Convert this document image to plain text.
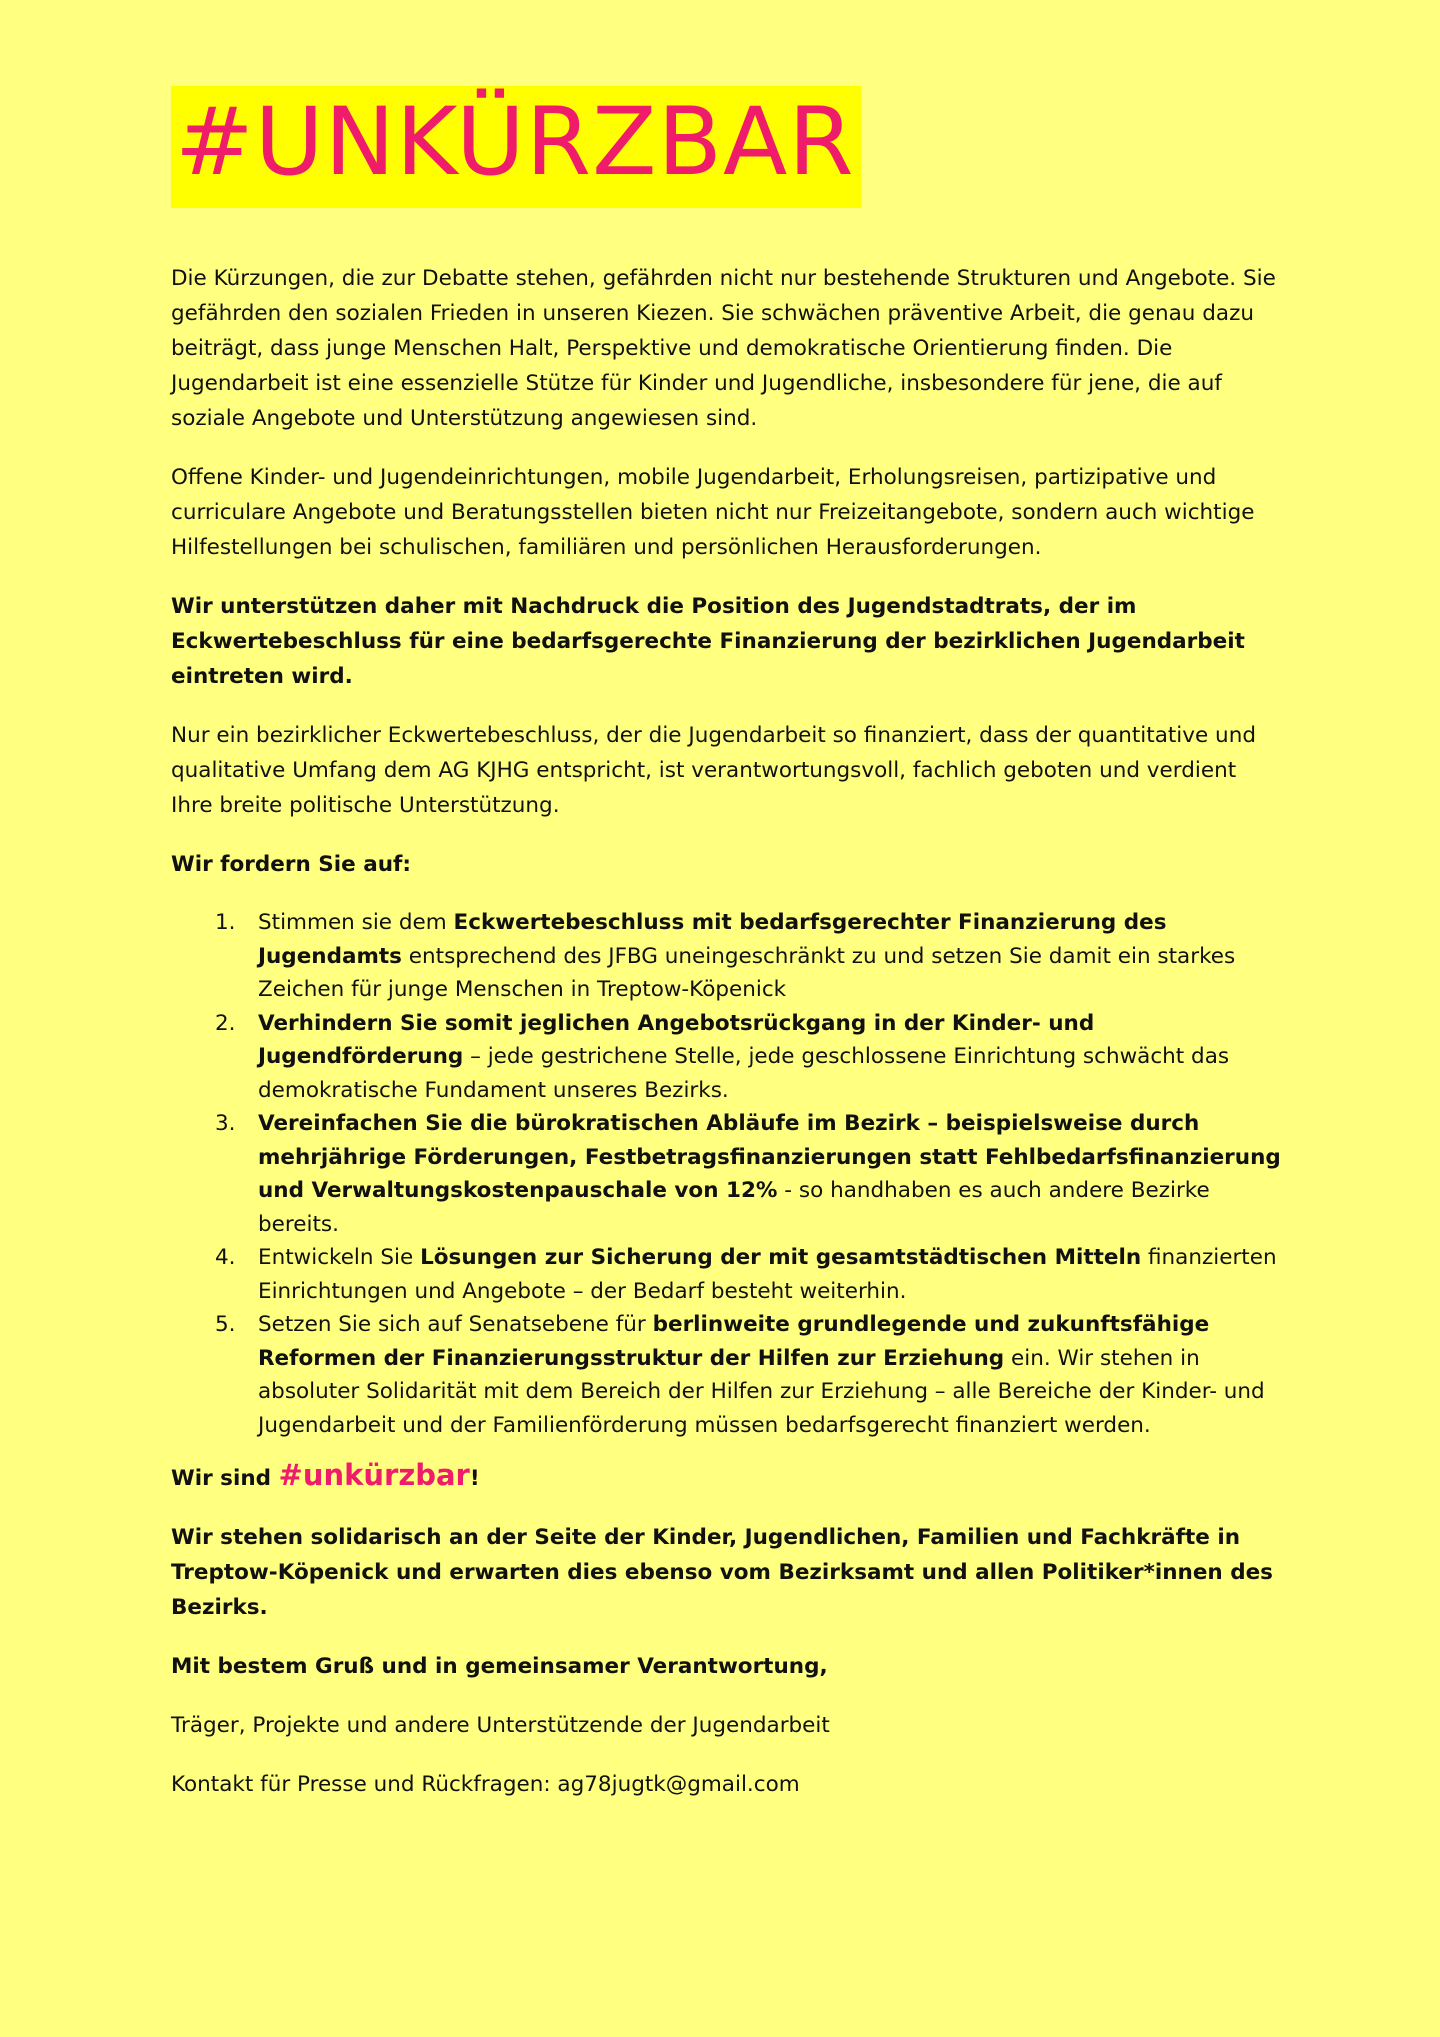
#UNKÜRZBAR

Die Kürzungen, die zur Debatte stehen, gefährden nicht nur bestehende Strukturen und Angebote. Sie gefährden den sozialen Frieden in unseren Kiezen. Sie schwächen präventive Arbeit, die genau dazu beiträgt, dass junge Menschen Halt, Perspektive und demokratische Orientierung finden. Die Jugendarbeit ist eine essenzielle Stütze für Kinder und Jugendliche, insbesondere für jene, die auf soziale Angebote und Unterstützung angewiesen sind.

Offene Kinder- und Jugendeinrichtungen, mobile Jugendarbeit, Erholungsreisen, partizipative und curriculare Angebote und Beratungsstellen bieten nicht nur Freizeitangebote, sondern auch wichtige Hilfestellungen bei schulischen, familiären und persönlichen Herausforderungen.

Wir unterstützen daher mit Nachdruck die Position des Jugendstadtrats, der im Eckwertebeschluss für eine bedarfsgerechte Finanzierung der bezirklichen Jugendarbeit eintreten wird.

Nur ein bezirklicher Eckwertebeschluss, der die Jugendarbeit so finanziert, dass der quantitative und qualitative Umfang dem AG KJHG entspricht, ist verantwortungsvoll, fachlich geboten und verdient Ihre breite politische Unterstützung.

Wir fordern Sie auf:

1. Stimmen sie dem Eckwertebeschluss mit bedarfsgerechter Finanzierung des Jugendamts entsprechend des JFBG uneingeschränkt zu und setzen Sie damit ein starkes Zeichen für junge Menschen in Treptow-Köpenick
2. Verhindern Sie somit jeglichen Angebotsrückgang in der Kinder- und Jugendförderung – jede gestrichene Stelle, jede geschlossene Einrichtung schwächt das demokratische Fundament unseres Bezirks.
3. Vereinfachen Sie die bürokratischen Abläufe im Bezirk – beispielsweise durch mehrjährige Förderungen, Festbetragsfinanzierungen statt Fehlbedarfsfinanzierung und Verwaltungskostenpauschale von 12% - so handhaben es auch andere Bezirke bereits.
4. Entwickeln Sie Lösungen zur Sicherung der mit gesamtstädtischen Mitteln finanzierten Einrichtungen und Angebote – der Bedarf besteht weiterhin.
5. Setzen Sie sich auf Senatsebene für berlinweite grundlegende und zukunftsfähige Reformen der Finanzierungsstruktur der Hilfen zur Erziehung ein. Wir stehen in absoluter Solidarität mit dem Bereich der Hilfen zur Erziehung – alle Bereiche der Kinder- und Jugendarbeit und der Familienförderung müssen bedarfsgerecht finanziert werden.

Wir sind #unkürzbar!

Wir stehen solidarisch an der Seite der Kinder, Jugendlichen, Familien und Fachkräfte in Treptow-Köpenick und erwarten dies ebenso vom Bezirksamt und allen Politiker*innen des Bezirks.

Mit bestem Gruß und in gemeinsamer Verantwortung,

Träger, Projekte und andere Unterstützende der Jugendarbeit

Kontakt für Presse und Rückfragen: ag78jugtk@gmail.com
